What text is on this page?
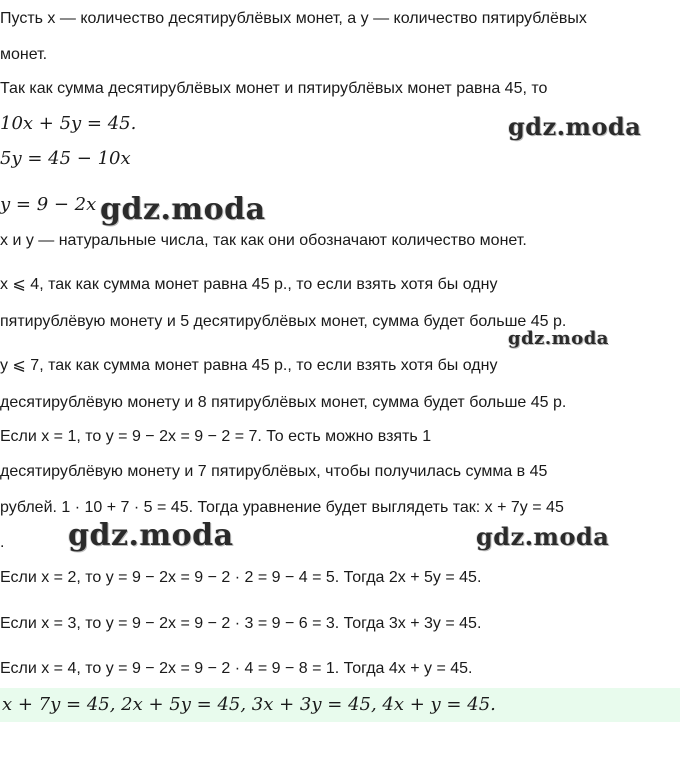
Пусть x — количество десятирублёвых монет, а y — количество пятирублёвых
монет.
Так как сумма десятирублёвых монет и пятирублёвых монет равна 45, то
10x + 5y = 45.
5y = 45 − 10x
y = 9 − 2x
x и y — натуральные числа, так как они обозначают количество монет.
x ⩽ 4, так как сумма монет равна 45 р., то если взять хотя бы одну
пятирублёвую монету и 5 десятирублёвых монет, сумма будет больше 45 р.
y ⩽ 7, так как сумма монет равна 45 р., то если взять хотя бы одну
десятирублёвую монету и 8 пятирублёвых монет, сумма будет больше 45 р.
Если x = 1, то y = 9 − 2x = 9 − 2 = 7. То есть можно взять 1
десятирублёвую монету и 7 пятирублёвых, чтобы получилась сумма в 45
рублей. 1 · 10 + 7 · 5 = 45. Тогда уравнение будет выглядеть так: x + 7y = 45
.
Если x = 2, то y = 9 − 2x = 9 − 2 · 2 = 9 − 4 = 5. Тогда 2x + 5y = 45.
Если x = 3, то y = 9 − 2x = 9 − 2 · 3 = 9 − 6 = 3. Тогда 3x + 3y = 45.
Если x = 4, то y = 9 − 2x = 9 − 2 · 4 = 9 − 8 = 1. Тогда 4x + y = 45.
x + 7y = 45, 2x + 5y = 45, 3x + 3y = 45, 4x + y = 45.
gdz.moda
gdz.moda
gdz.moda
gdz.moda	gdz.moda
